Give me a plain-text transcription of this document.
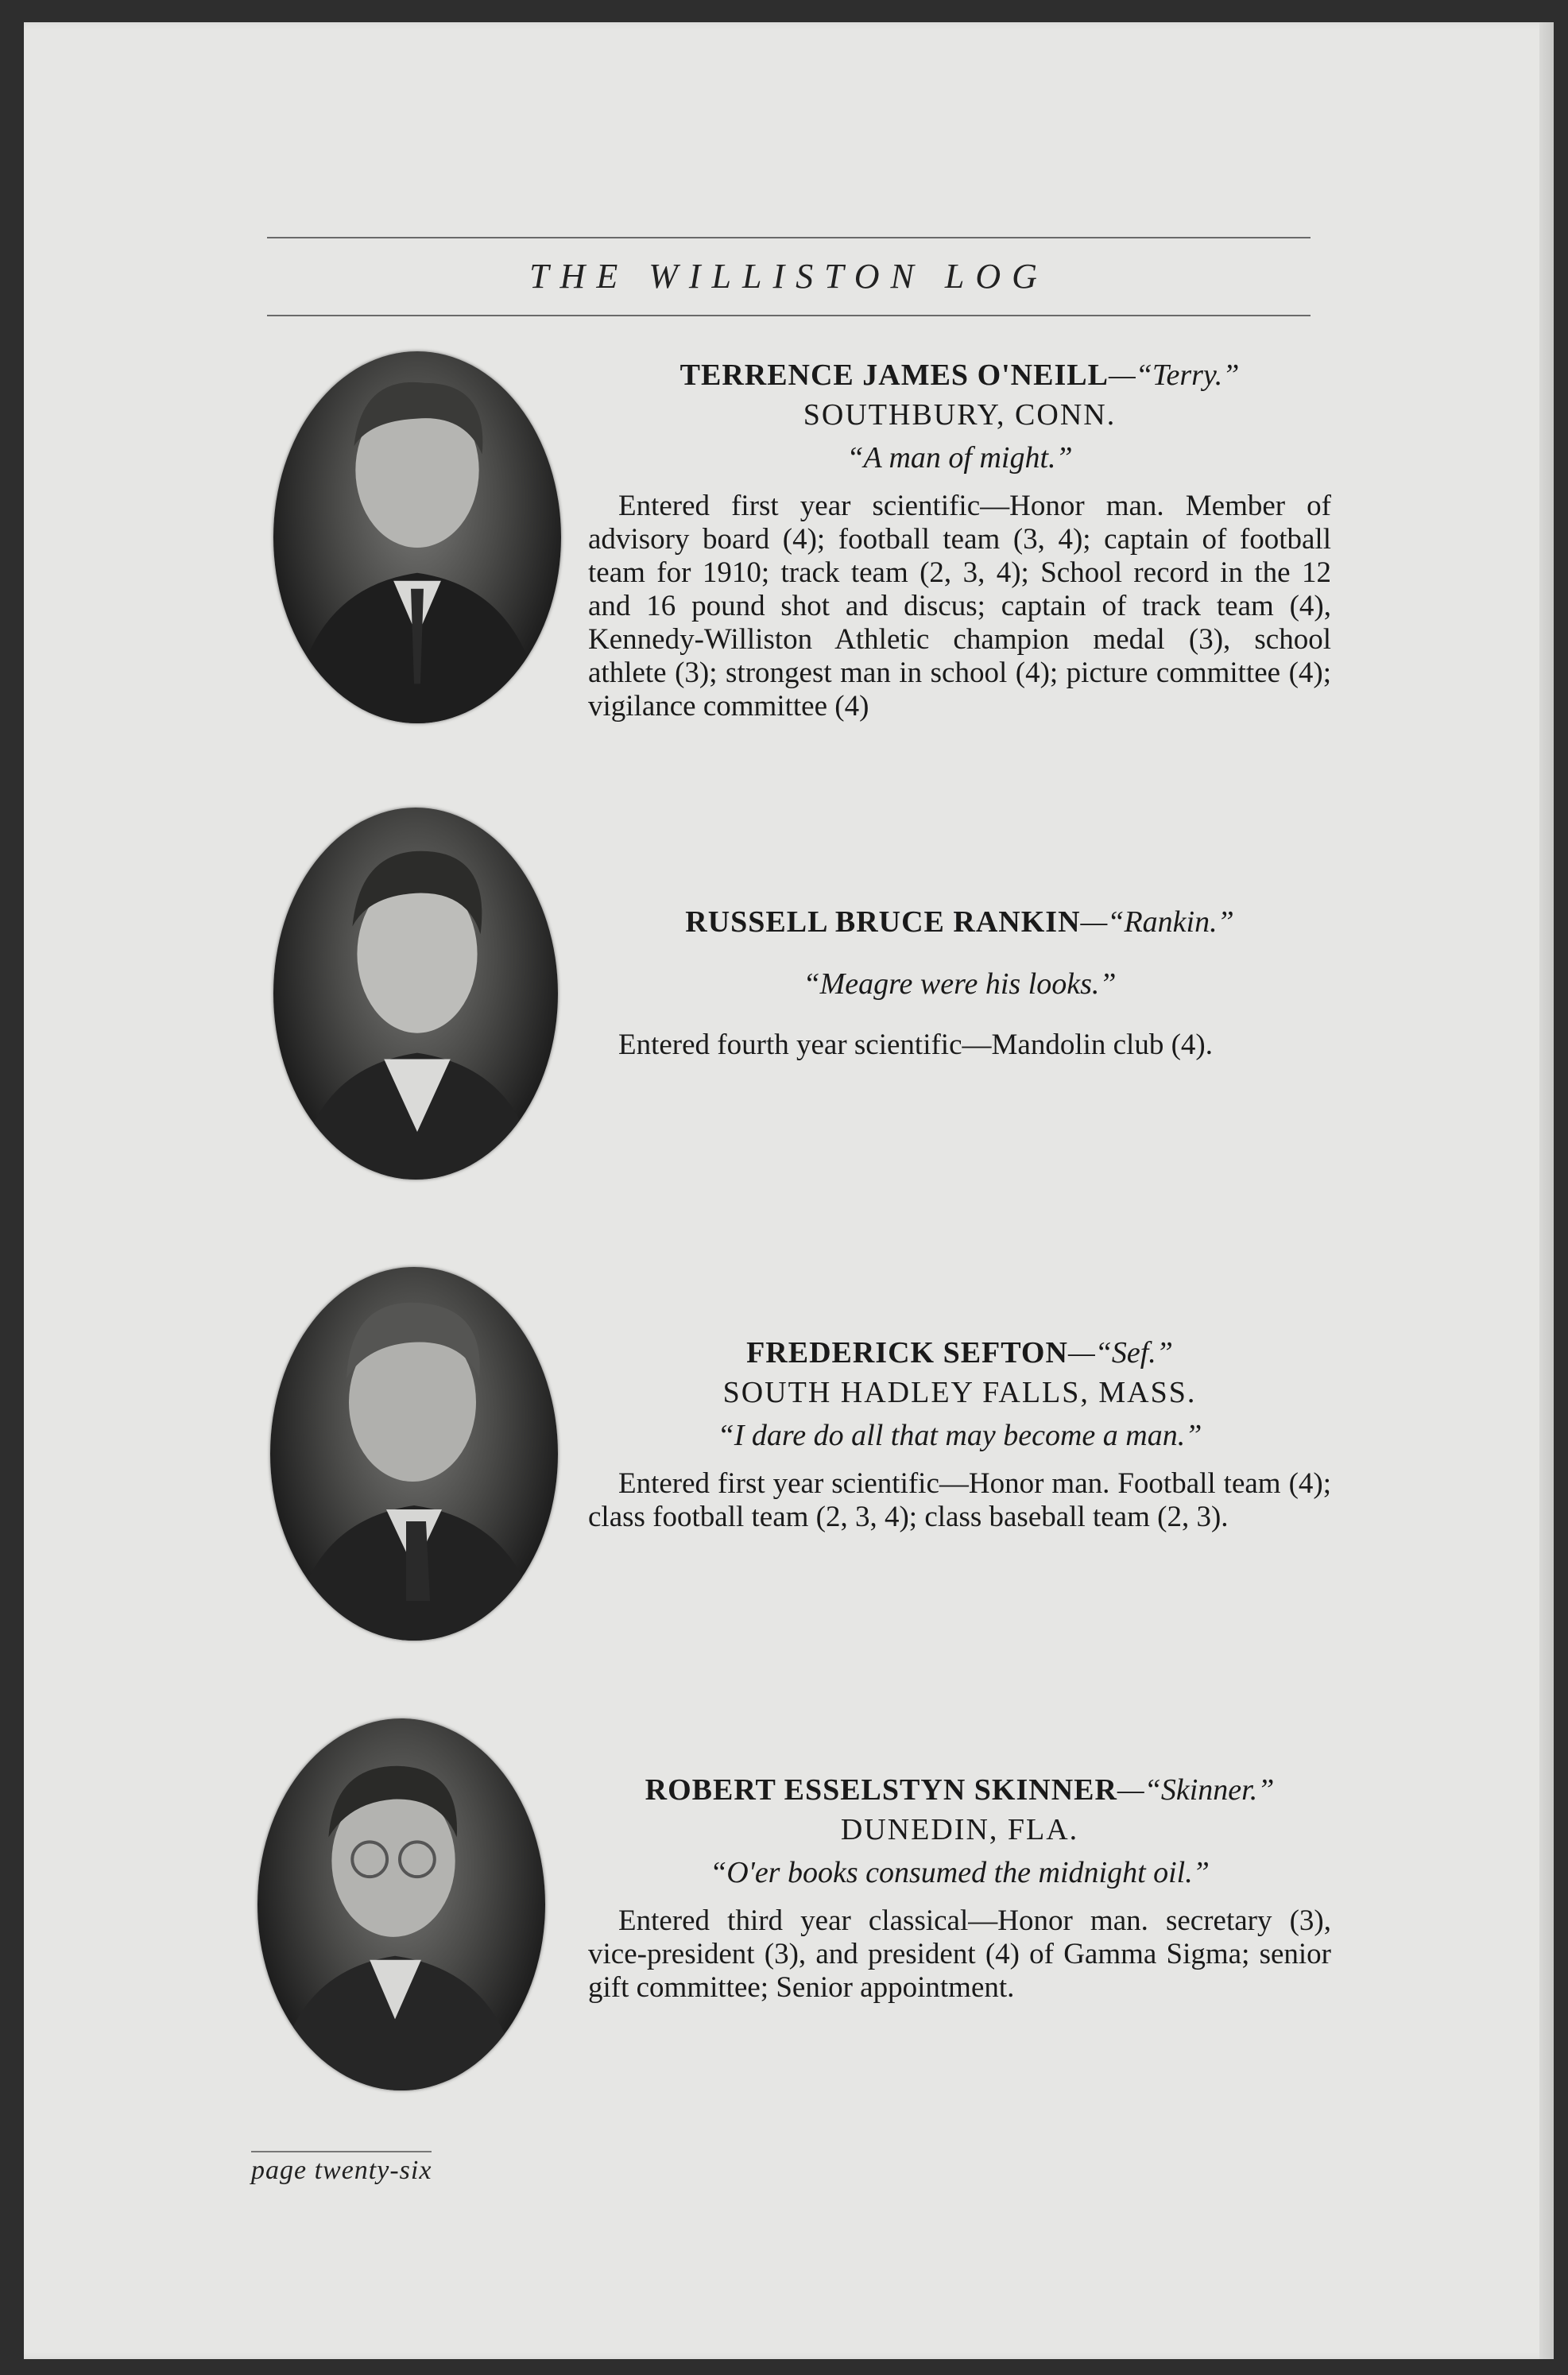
THE WILLISTON LOG
TERRENCE JAMES O'NEILL—“Terry.”
SOUTHBURY, CONN.
“A man of might.”
Entered first year scientific—Honor man. Member of advisory board (4); football team (3, 4); captain of football team for 1910; track team (2, 3, 4); School record in the 12 and 16 pound shot and discus; captain of track team (4), Kennedy-Williston Athletic champion medal (3), school athlete (3); strongest man in school (4); picture committee (4); vigilance committee (4)
RUSSELL BRUCE RANKIN—“Rankin.”
“Meagre were his looks.”
Entered fourth year scientific—Mandolin club (4).
FREDERICK SEFTON—“Sef.”
SOUTH HADLEY FALLS, MASS.
“I dare do all that may become a man.”
Entered first year scientific—Honor man. Football team (4); class football team (2, 3, 4); class baseball team (2, 3).
ROBERT ESSELSTYN SKINNER—“Skinner.”
DUNEDIN, FLA.
“O'er books consumed the midnight oil.”
Entered third year classical—Honor man. secretary (3), vice-president (3), and president (4) of Gamma Sigma; senior gift committee; Senior appointment.
page twenty-six
